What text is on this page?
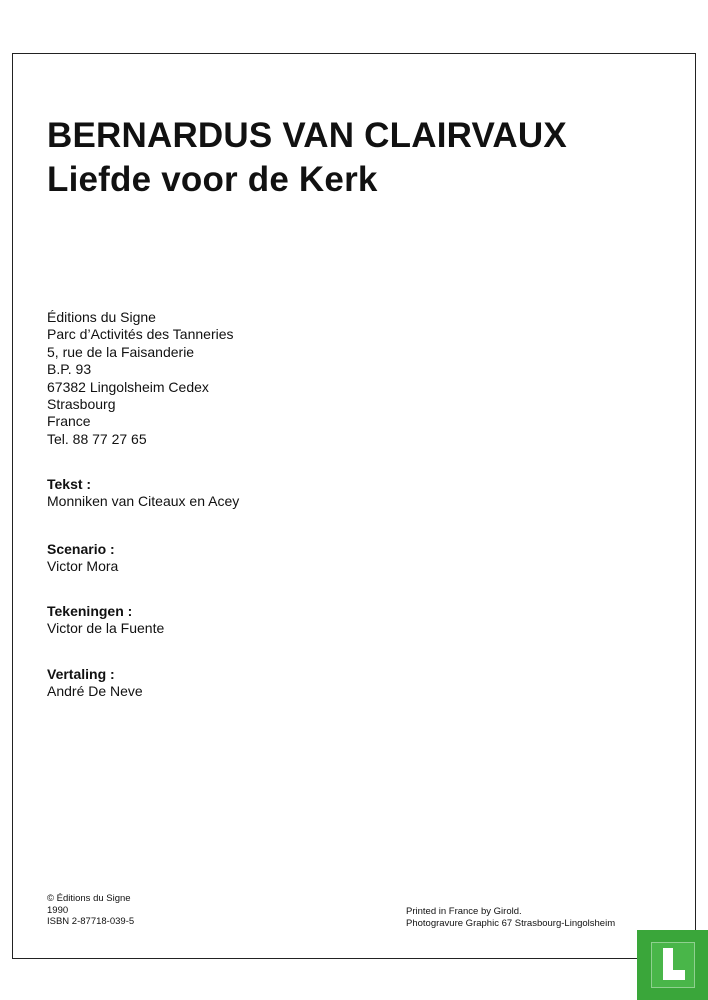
BERNARDUS VAN CLAIRVAUX
Liefde voor de Kerk
Éditions du Signe
Parc d’Activités des Tanneries
5, rue de la Faisanderie
B.P. 93
67382 Lingolsheim Cedex
Strasbourg
France
Tel. 88 77 27 65
Tekst :
Monniken van Citeaux en Acey
Scenario :
Victor Mora
Tekeningen :
Victor de la Fuente
Vertaling :
André De Neve
© Éditions du Signe
1990
ISBN 2-87718-039-5
Printed in France by Girold.
Photogravure Graphic 67 Strasbourg-Lingolsheim
